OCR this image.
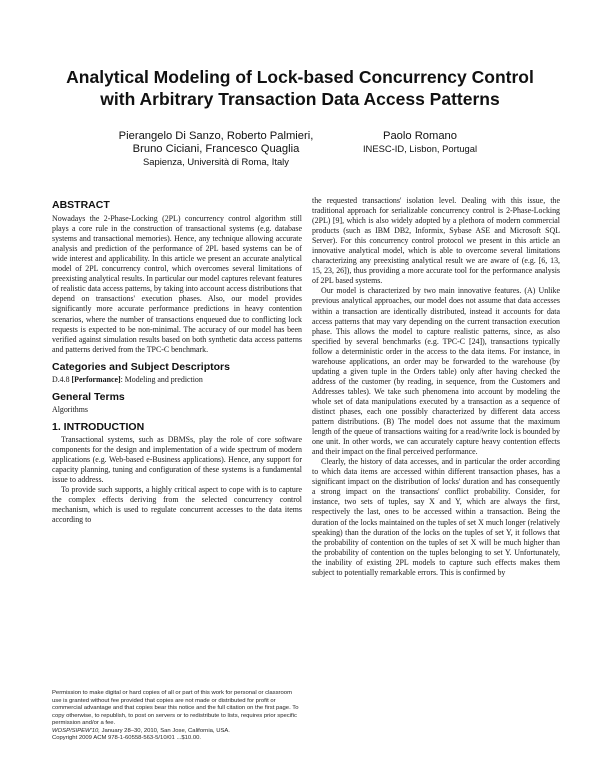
Analytical Modeling of Lock-based Concurrency Control
with Arbitrary Transaction Data Access Patterns
Pierangelo Di Sanzo, Roberto Palmieri,
Bruno Ciciani, Francesco Quaglia
Sapienza, Università di Roma, Italy
Paolo Romano
INESC-ID, Lisbon, Portugal
ABSTRACT

Nowadays the 2-Phase-Locking (2PL) concurrency control algorithm still plays a core rule in the construction of transactional systems (e.g. database systems and transactional memories). Hence, any technique allowing accurate analysis and prediction of the performance of 2PL based systems can be of wide interest and applicability. In this article we present an accurate analytical model of 2PL concurrency control, which overcomes several limitations of preexisting analytical results. In particular our model captures relevant features of realistic data access patterns, by taking into account access distributions that depend on transactions' execution phases. Also, our model provides significantly more accurate performance predictions in heavy contention scenarios, where the number of transactions enqueued due to conflicting lock requests is expected to be non-minimal. The accuracy of our model has been verified against simulation results based on both synthetic data access patterns and patterns derived from the TPC-C benchmark.

Categories and Subject Descriptors

D.4.8 [Performance]: Modeling and prediction

General Terms

Algorithms

1. INTRODUCTION

Transactional systems, such as DBMSs, play the role of core software components for the design and implementation of a wide spectrum of modern applications (e.g. Web-based e-Business applications). Hence, any support for capacity planning, tuning and configuration of these systems is a fundamental issue to address.

To provide such supports, a highly critical aspect to cope with is to capture the complex effects deriving from the selected concurrency control mechanism, which is used to regulate concurrent accesses to the data items according to

Permission to make digital or hard copies of all or part of this work for personal or classroom use is granted without fee provided that copies are not made or distributed for profit or commercial advantage and that copies bear this notice and the full citation on the first page. To copy otherwise, to republish, to post on servers or to redistribute to lists, requires prior specific permission and/or a fee.

WOSP/SIPEW'10, January 28–30, 2010, San Jose, California, USA.

Copyright 2009 ACM 978-1-60558-563-5/10/01 ...$10.00.

the requested transactions' isolation level. Dealing with this issue, the traditional approach for serializable concurrency control is 2-Phase-Locking (2PL) [9], which is also widely adopted by a plethora of modern commercial products (such as IBM DB2, Informix, Sybase ASE and Microsoft SQL Server). For this concurrency control protocol we present in this article an innovative analytical model, which is able to overcome several limitations characterizing any preexisting analytical result we are aware of (e.g. [6, 13, 15, 23, 26]), thus providing a more accurate tool for the performance analysis of 2PL based systems.

Our model is characterized by two main innovative features. (A) Unlike previous analytical approaches, our model does not assume that data accesses within a transaction are identically distributed, instead it accounts for data access patterns that may vary depending on the current transaction execution phase. This allows the model to capture realistic patterns, since, as also specified by several benchmarks (e.g. TPC-C [24]), transactions typically follow a deterministic order in the access to the data items. For instance, in warehouse applications, an order may be forwarded to the warehouse (by updating a given tuple in the Orders table) only after having checked the address of the customer (by reading, in sequence, from the Customers and Addresses tables). We take such phenomena into account by modeling the whole set of data manipulations executed by a transaction as a sequence of distinct phases, each one possibly characterized by different data access pattern distributions. (B) The model does not assume that the maximum length of the queue of transactions waiting for a read/write lock is bounded by one unit. In other words, we can accurately capture heavy contention effects and their impact on the final perceived performance.

Clearly, the history of data accesses, and in particular the order according to which data items are accessed within different transaction phases, has a significant impact on the distribution of locks' duration and has consequently a strong impact on the transactions' conflict probability. Consider, for instance, two sets of tuples, say X and Y, which are always the first, respectively the last, ones to be accessed within a transaction. Being the duration of the locks maintained on the tuples of set X much longer (relatively speaking) than the duration of the locks on the tuples of set Y, it follows that the probability of contention on the tuples of set X will be much higher than the probability of contention on the tuples belonging to set Y. Unfortunately, the inability of existing 2PL models to capture such effects makes them subject to potentially remarkable errors. This is confirmed by
